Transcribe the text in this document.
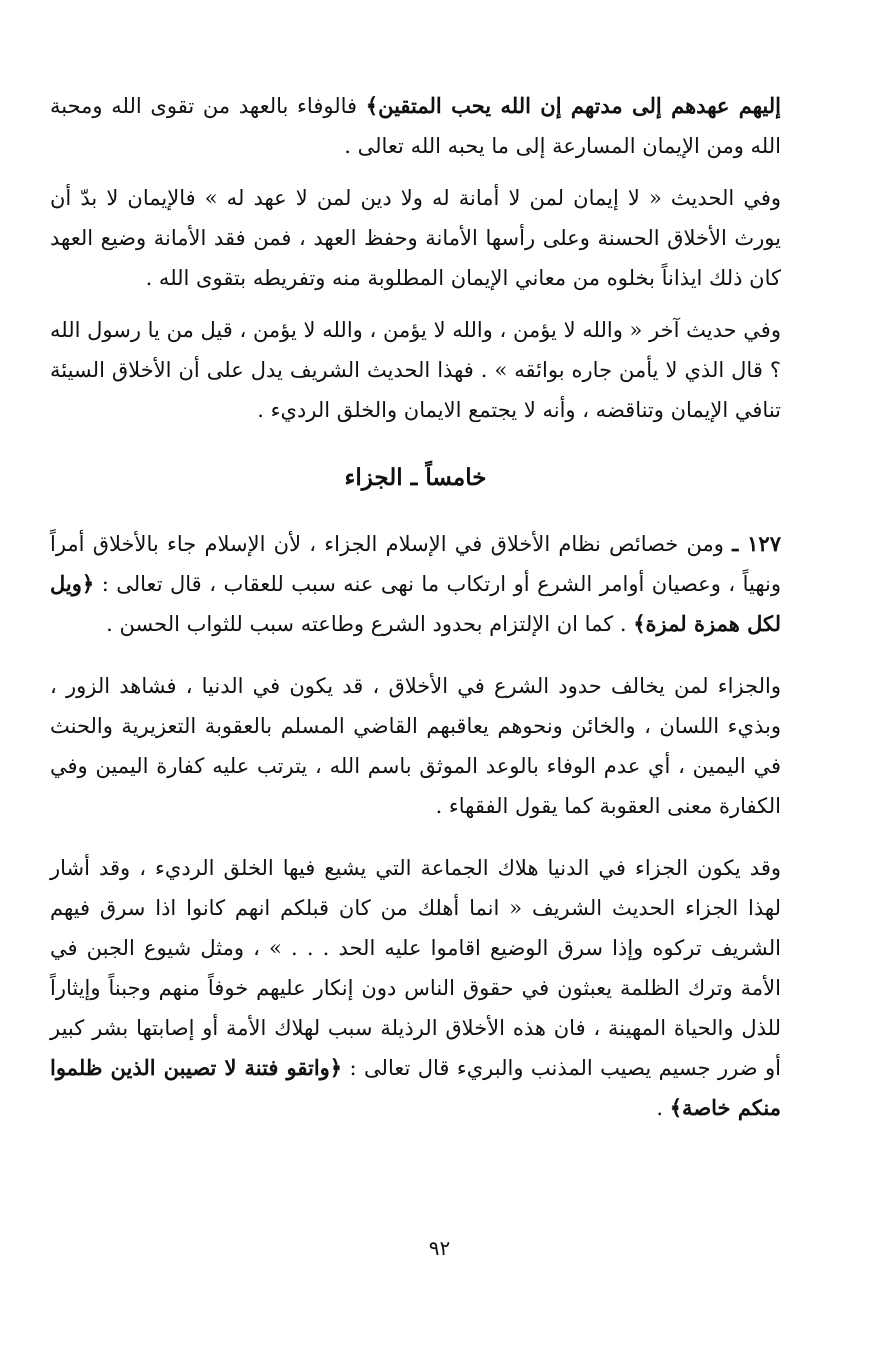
إليهم عهدهم إلى مدتهم إن الله يحب المتقين﴾ فالوفاء بالعهد من تقوى الله ومحبة الله ومن الإيمان المسارعة إلى ما يحبه الله تعالى .

وفي الحديث « لا إيمان لمن لا أمانة له ولا دين لمن لا عهد له » فالإيمان لا بدّ أن يورث الأخلاق الحسنة وعلى رأسها الأمانة وحفظ العهد ، فمن فقد الأمانة وضيع العهد كان ذلك ايذاناً بخلوه من معاني الإيمان المطلوبة منه وتفريطه بتقوى الله .

وفي حديث آخر « والله لا يؤمن ، والله لا يؤمن ، والله لا يؤمن ، قيل من يا رسول الله ؟ قال الذي لا يأمن جاره بوائقه » . فهذا الحديث الشريف يدل على أن الأخلاق السيئة تنافي الإيمان وتناقضه ، وأنه لا يجتمع الايمان والخلق الرديء .

خامساً ـ الجزاء

١٢٧ ـ ومن خصائص نظام الأخلاق في الإسلام الجزاء ، لأن الإسلام جاء بالأخلاق أمراً ونهياً ، وعصيان أوامر الشرع أو ارتكاب ما نهى عنه سبب للعقاب ، قال تعالى : ﴿ويل لكل همزة لمزة﴾ . كما ان الإلتزام بحدود الشرع وطاعته سبب للثواب الحسن .

والجزاء لمن يخالف حدود الشرع في الأخلاق ، قد يكون في الدنيا ، فشاهد الزور ، وبذيء اللسان ، والخائن ونحوهم يعاقبهم القاضي المسلم بالعقوبة التعزيرية والحنث في اليمين ، أي عدم الوفاء بالوعد الموثق باسم الله ، يترتب عليه كفارة اليمين وفي الكفارة معنى العقوبة كما يقول الفقهاء .

وقد يكون الجزاء في الدنيا هلاك الجماعة التي يشيع فيها الخلق الرديء ، وقد أشار لهذا الجزاء الحديث الشريف « انما أهلك من كان قبلكم انهم كانوا اذا سرق فيهم الشريف تركوه وإذا سرق الوضيع اقاموا عليه الحد . . . » ، ومثل شيوع الجبن في الأمة وترك الظلمة يعبثون في حقوق الناس دون إنكار عليهم خوفاً منهم وجبناً وإيثاراً للذل والحياة المهينة ، فان هذه الأخلاق الرذيلة سبب لهلاك الأمة أو إصابتها بشر كبير أو ضرر جسيم يصيب المذنب والبريء قال تعالى : ﴿واتقو فتنة لا تصيبن الذين ظلموا منكم خاصة﴾ .

٩٢
